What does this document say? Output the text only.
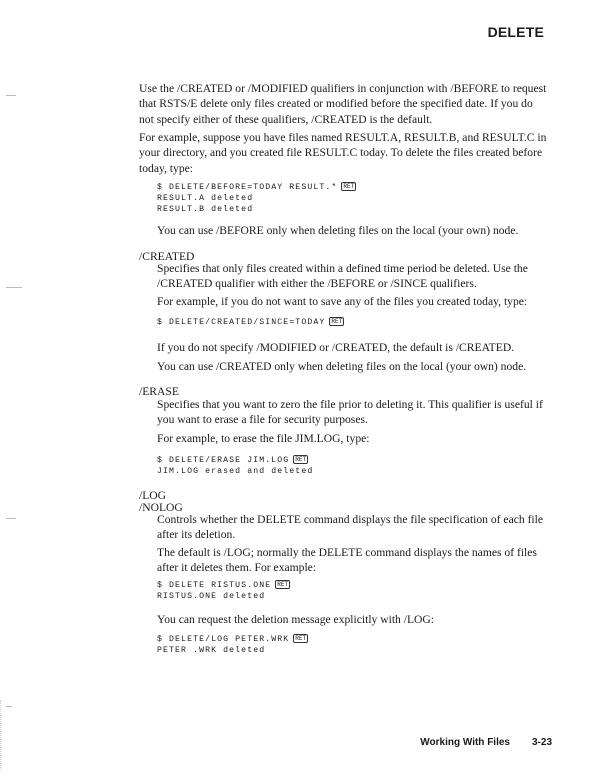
DELETE
Use the /CREATED or /MODIFIED qualifiers in conjunction with /BEFORE to request that RSTS/E delete only files created or modified before the specified date. If you do not specify either of these qualifiers, /CREATED is the default.
For example, suppose you have files named RESULT.A, RESULT.B, and RESULT.C in your directory, and you created file RESULT.C today. To delete the files created before today, type:
$ DELETE/BEFORE=TODAY RESULT.* RET
RESULT.A deleted
RESULT.B deleted
You can use /BEFORE only when deleting files on the local (your own) node.
/CREATED
Specifies that only files created within a defined time period be deleted. Use the /CREATED qualifier with either the /BEFORE or /SINCE qualifiers.
For example, if you do not want to save any of the files you created today, type:
$ DELETE/CREATED/SINCE=TODAY RET
If you do not specify /MODIFIED or /CREATED, the default is /CREATED.
You can use /CREATED only when deleting files on the local (your own) node.
/ERASE
Specifies that you want to zero the file prior to deleting it. This qualifier is useful if you want to erase a file for security purposes.
For example, to erase the file JIM.LOG, type:
$ DELETE/ERASE JIM.LOG RET
JIM.LOG erased and deleted
/LOG
/NOLOG
Controls whether the DELETE command displays the file specification of each file after its deletion.
The default is /LOG; normally the DELETE command displays the names of files after it deletes them. For example:
$ DELETE RISTUS.ONE RET
RISTUS.ONE deleted
You can request the deletion message explicitly with /LOG:
$ DELETE/LOG PETER.WRK RET
PETER .WRK deleted
Working With Files 3-23
